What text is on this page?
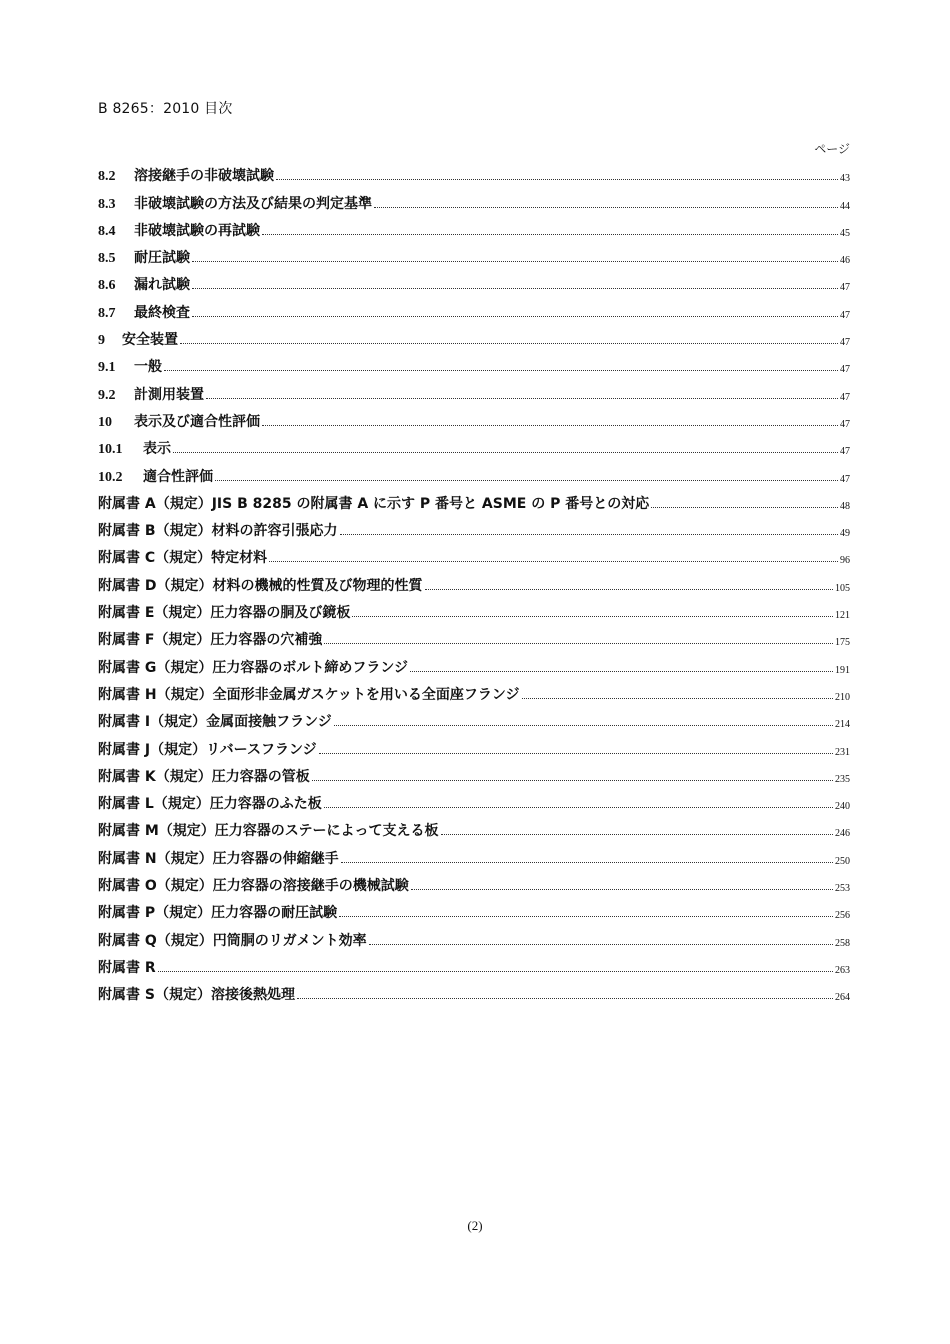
B 8265：2010 目次
ページ
8.2	溶接継手の非破壊試験	43
8.3	非破壊試験の方法及び結果の判定基準	44
8.4	非破壊試験の再試験	45
8.5	耐圧試験	46
8.6	漏れ試験	47
8.7	最終検査	47
9	安全装置	47
9.1	一般	47
9.2	計測用装置	47
10	表示及び適合性評価	47
10.1	表示	47
10.2	適合性評価	47
附属書 A（規定）JIS B 8285 の附属書 A に示す P 番号と ASME の P 番号との対応	48
附属書 B（規定）材料の許容引張応力	49
附属書 C（規定）特定材料	96
附属書 D（規定）材料の機械的性質及び物理的性質	105
附属書 E（規定）圧力容器の胴及び鏡板	121
附属書 F（規定）圧力容器の穴補強	175
附属書 G（規定）圧力容器のボルト締めフランジ	191
附属書 H（規定）全面形非金属ガスケットを用いる全面座フランジ	210
附属書 I（規定）金属面接触フランジ	214
附属書 J（規定）リバースフランジ	231
附属書 K（規定）圧力容器の管板	235
附属書 L（規定）圧力容器のふた板	240
附属書 M（規定）圧力容器のステーによって支える板	246
附属書 N（規定）圧力容器の伸縮継手	250
附属書 O（規定）圧力容器の溶接継手の機械試験	253
附属書 P（規定）圧力容器の耐圧試験	256
附属書 Q（規定）円筒胴のリガメント効率	258
附属書 R	263
附属書 S（規定）溶接後熱処理	264
(2)
